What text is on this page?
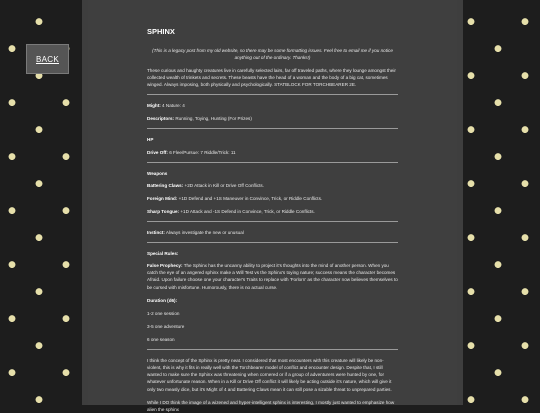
BACK
SPHINX

(This is a legacy post from my old website, so there may be some formatting issues. Feel free to email me if you notice anything out of the ordinary. Thanks!)

These curious and haughty creatures live in carefully selected lairs, far off traveled paths, where they lounge amongst their collected wealth of trinkets and secrets. These beasts have the head of a woman and the body of a big cat, sometimes winged. Always imposing, both physically and psychologically. STATBLOCK FOR TORCHBEARER 2E.

Might: 4 Nature: 4

Descriptors: Running, Toying, Hunting (For Prizes)

HP

Drive Off: 6 Flee/Pursue: 7 Riddle/Trick: 11

Weapons

Battering Claws: +2D Attack in Kill or Drive Off Conflicts.

Foreign Mind: +1D Defend and +1S Maneuver in Convince, Trick, or Riddle Conflicts.

Sharp Tongue: +1D Attack and -1S Defend in Convince, Trick, or Riddle Conflicts.

Instinct: Always investigate the new or unusual

Special Rules:

False Prophecy: The Sphinx has the uncanny ability to project it's thoughts into the mind of another person. When you catch the eye of an angered sphinx make a Will Test vs the Sphinx's toying nature; success means the character becomes Afraid. Upon failure choose one your character's Traits to replace with 'Forlorn' as the character now believes themselves to be cursed with misfortune. Humorously, there is no actual curse.

Duration (d6):

1-2 one session

3-5 one adventure

6 one season

I think the concept of the Sphinx is pretty neat. I considered that most encounters with this creature will likely be non-violent, this is why it fits in really well with the Torchbearer model of conflict and encounter design. Despite that, I still wanted to make sure the Sphinx was threatening when cornered or if a group of adventurers were hunted by one, for whatever unfortunate reason. When in a Kill or Drive Off conflict it will likely be acting outside it's nature, which will give it only two measly dice, but it's Might of 4 and Battering Claws mean it can still pose a sizable threat to unprepared parties.

While I DO think the image of a wizened and hyper-intelligent sphinx is interesting, I mostly just wanted to emphasize how alien the sphinx
